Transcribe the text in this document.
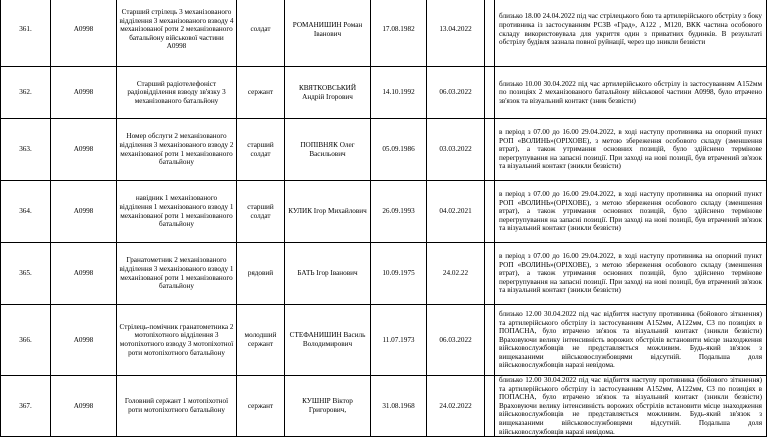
361.	А0998	Старший стрілець 3 механізованого відділення 3 механізованого взводу 4 механізованої роти 2 механізованого батальйону військової частини А0998	солдат	РОМАНИШИН Роман Іванович	17.08.1982	13.04.2022		близько 18.00 24.04.2022 під час стрілецького бою та артилерійського обстрілу з боку противника із застосуванням РСЗВ «Град», А122 , М120, ВКК частина особового складу використовувала для укриття один з приватних будинків. В результаті обстрілу будівля зазнала повної руйнації, через що зникли безвісти
362.	А0998	Старший радіотелефоніст радіовідділення взводу зв'язку 3 механізованого батальйону	сержант	КВЯТКОВСЬКИЙ Андрій Ігорович	14.10.1992	06.03.2022		близько 10.00 30.04.2022 під час артилерійського обстрілу із застосуванням А152мм по позиціях 2 механізованого батальйону військової частини А0998, було втрачено зв'язок та візуальний контакт (зник безвісти)
363.	А0998	Номер обслуги 2 механізованого відділення 3 механізованого взводу 2 механізованої роти 1 механізованого батальйону	старший солдат	ПОПІВНЯК Олег Васильович	05.09.1986	03.03.2022		в період з 07.00 до 16.00 29.04.2022, в ході наступу противника на опорний пункт РОП «ВОЛИНЬ»(ОРІХОВЕ), з метою збереження особового складу (зменшення втрат), а також утримання основних позицій, було здійснено термінове перегрупування на запасні позиції. При заході на нові позиції, був втрачений зв'язок та візуальний контакт (зникли безвісти)
364.	А0998	навідник 1 механізованого відділення 1 механізованого взводу 1 механізованої роти 1 механізованого батальйону	старший солдат	КУЛИК Ігор Михайлович	26.09.1993	04.02.2021		в період з 07.00 до 16.00 29.04.2022, в ході наступу противника на опорний пункт РОП «ВОЛИНЬ»(ОРІХОВЕ), з метою збереження особового складу (зменшення втрат), а також утримання основних позицій, було здійснено термінове перегрупування на запасні позиції. При заході на нові позиції, був втрачений зв'язок та візуальний контакт (зникли безвісти)
365.	А0998	Гранатометник 2 механізованого відділення 3 механізованого взводу 1 механізованої роти 1 механізованого батальйону	рядовий	БАТЬ Ігор Іванович	10.09.1975	24.02.22		в період з 07.00 до 16.00 29.04.2022, в ході наступу противника на опорний пункт РОП «ВОЛИНЬ»(ОРІХОВЕ), з метою збереження особового складу (зменшення втрат), а також утримання основних позицій, було здійснено термінове перегрупування на запасні позиції. При заході на нові позиції, був втрачений зв'язок та візуальний контакт (зникли безвісти)
366.	А0998	Стрілець-помічник гранатометника 2 мотопіхотного відділення 3 мотопіхотного взводу 3 мотопіхотної роти мотопіхотного батальйону	молодший сержант	СТЕФАНИШИН Василь Володимирович	11.07.1973	06.03.2022		близько 12.00 30.04.2022 під час відбиття наступу противника (бойового зіткнення) та артилерійського обстрілу із застосуванням А152мм, А122мм, С3 по позиціях в ПОПАСНА, було втрачено зв'язок та візуальний контакт (зникли безвісти) Враховуючи велику інтенсивність ворожих обстрілів встановити місце знаходження військовослужбовців не представляється можливим. Будь-який зв'язок з вищеказаними військовослужбовцями відсутній. Подальша доля військовослужбовців наразі невідома.
367.	А0998	Головний сержант 1 мотопіхотної роти мотопіхотного батальйону	сержант	КУШНІР Віктор Григорович,	31.08.1968	24.02.2022		близько 12.00 30.04.2022 під час відбиття наступу противника (бойового зіткнення) та артилерійського обстрілу із застосуванням А152мм, А122мм, С3 по позиціях в ПОПАСНА, було втрачено зв'язок та візуальний контакт (зникли безвісти) Враховуючи велику інтенсивність ворожих обстрілів встановити місце знаходження військовослужбовців не представляється можливим. Будь-який зв'язок з вищеказаними військовослужбовцями відсутній. Подальша доля військовослужбовців наразі невідома.
